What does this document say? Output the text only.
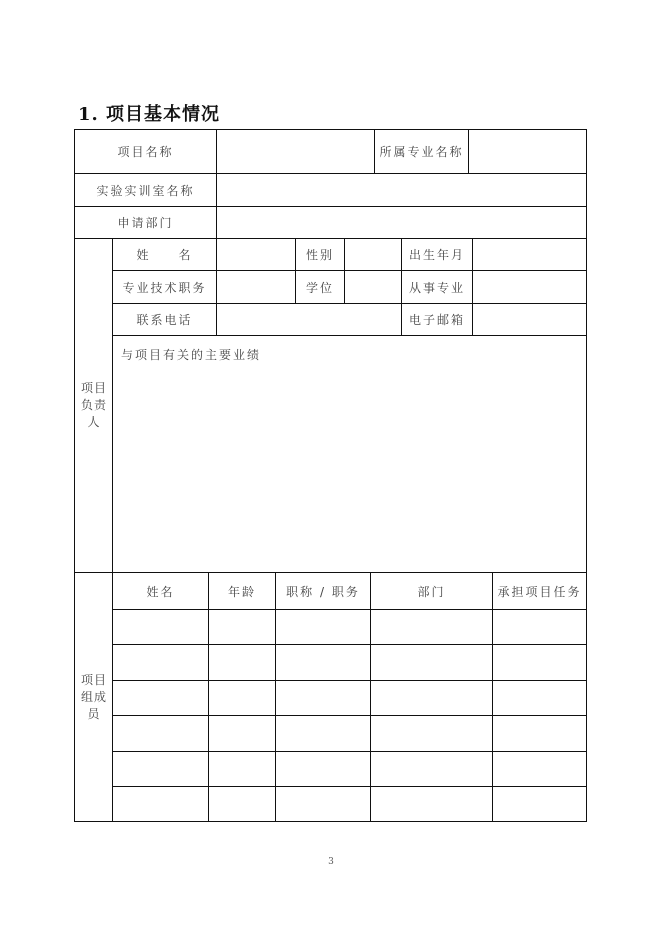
1. 项目基本情况
项目名称	所属专业名称
实验实训室名称
申请部门
项目
负责
人
姓　　名	性别	出生年月
专业技术职务	学位	从事专业
联系电话	电子邮箱
与项目有关的主要业绩
项目
组成
员
姓名	年龄	职称 / 职务	部门	承担项目任务
3
